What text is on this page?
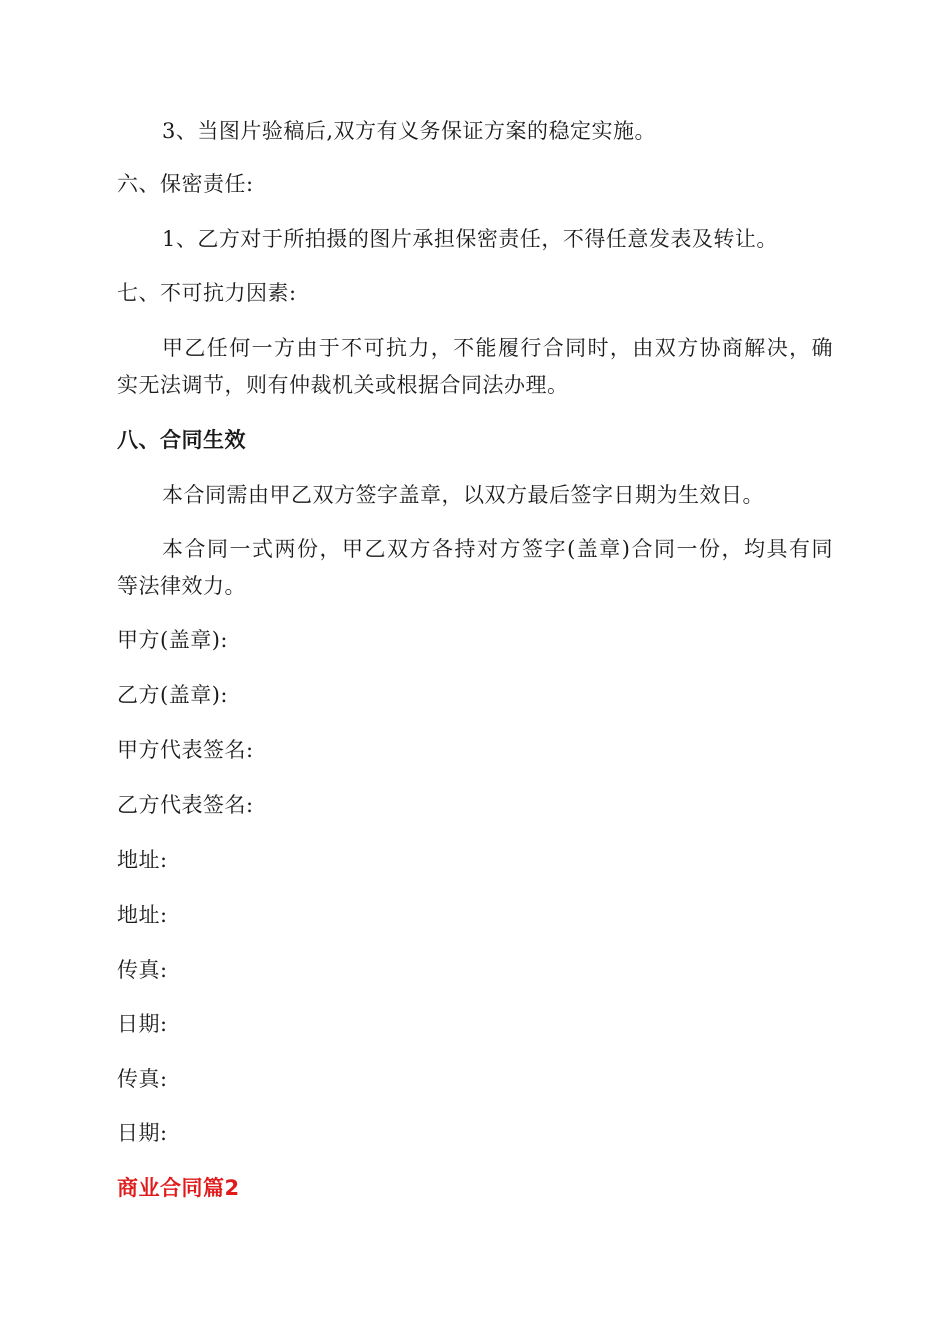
3、当图片验稿后,双方有义务保证方案的稳定实施。
六、保密责任:
1、乙方对于所拍摄的图片承担保密责任，不得任意发表及转让。
七、不可抗力因素:
甲乙任何一方由于不可抗力，不能履行合同时，由双方协商解决，确
实无法调节，则有仲裁机关或根据合同法办理。
八、合同生效
本合同需由甲乙双方签字盖章，以双方最后签字日期为生效日。
本合同一式两份，甲乙双方各持对方签字(盖章)合同一份，均具有同
等法律效力。
甲方(盖章):
乙方(盖章):
甲方代表签名:
乙方代表签名:
地址:
地址:
传真:
日期:
传真:
日期:
商业合同篇2
